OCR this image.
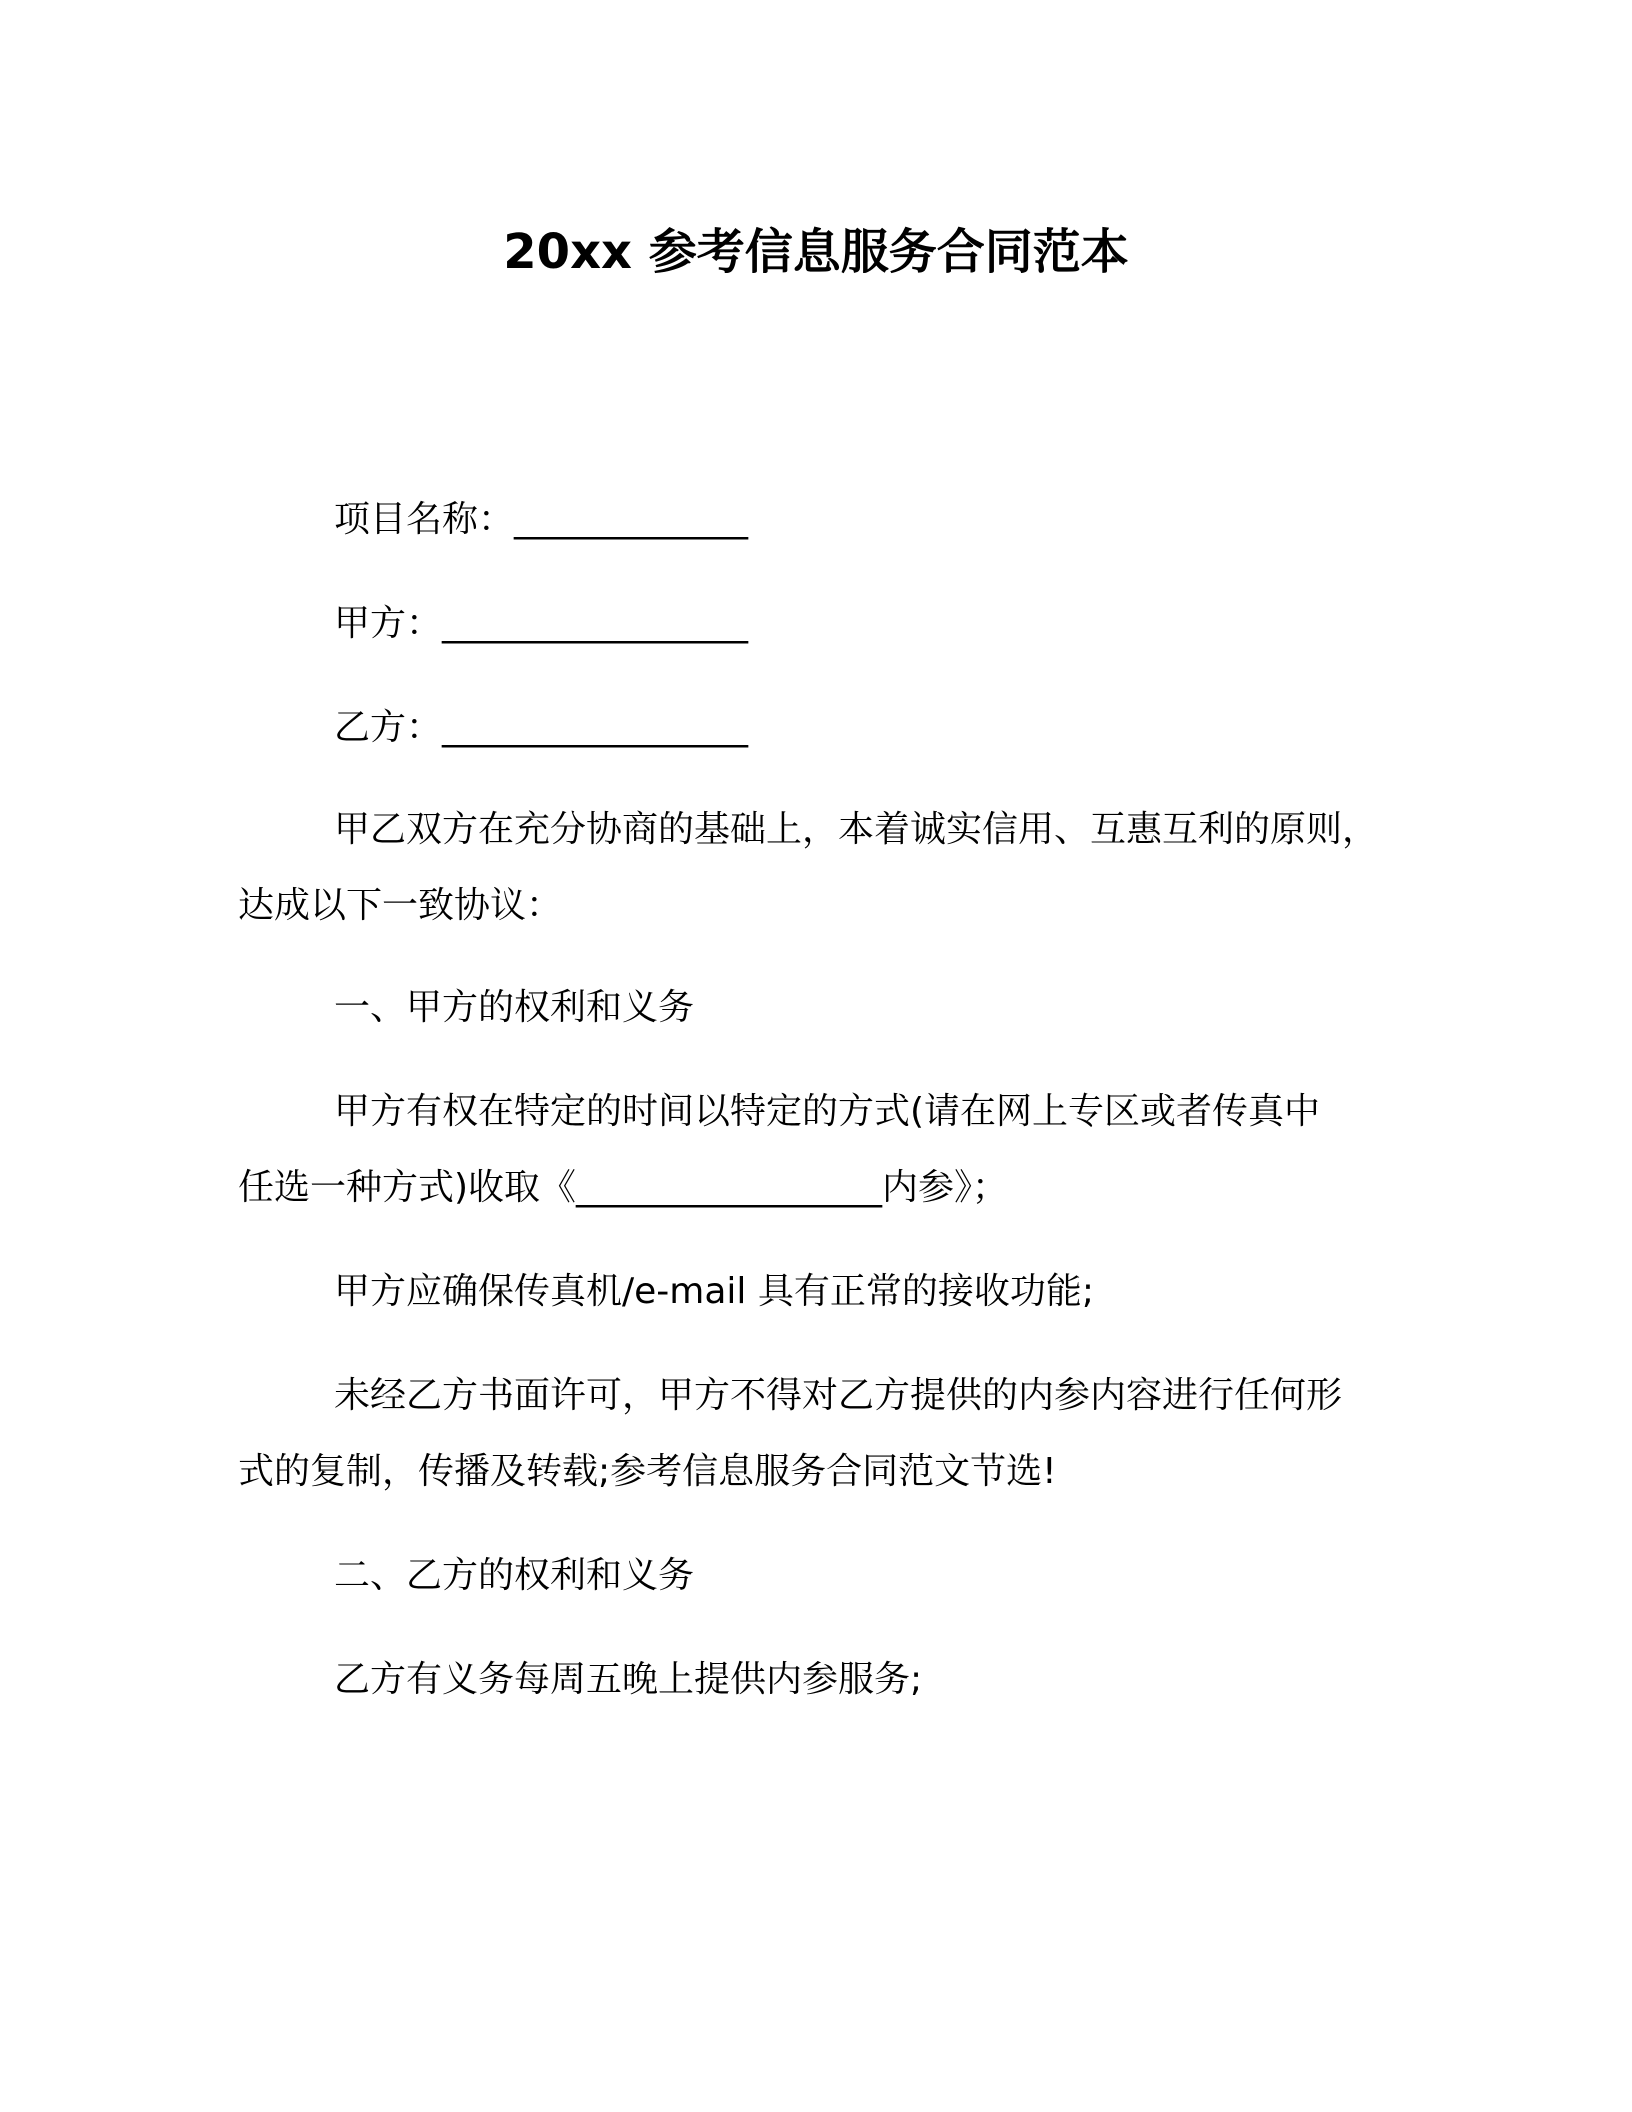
20xx 参考信息服务合同范本
项目名称：_____________
甲方：_________________
乙方：_________________
甲乙双方在充分协商的基础上，本着诚实信用、互惠互利的原则，
达成以下一致协议：
一、甲方的权利和义务
甲方有权在特定的时间以特定的方式(请在网上专区或者传真中
任选一种方式)收取《_________________内参》；
甲方应确保传真机/e-mail 具有正常的接收功能;
未经乙方书面许可，甲方不得对乙方提供的内参内容进行任何形
式的复制，传播及转载;参考信息服务合同范文节选!
二、乙方的权利和义务
乙方有义务每周五晚上提供内参服务;
